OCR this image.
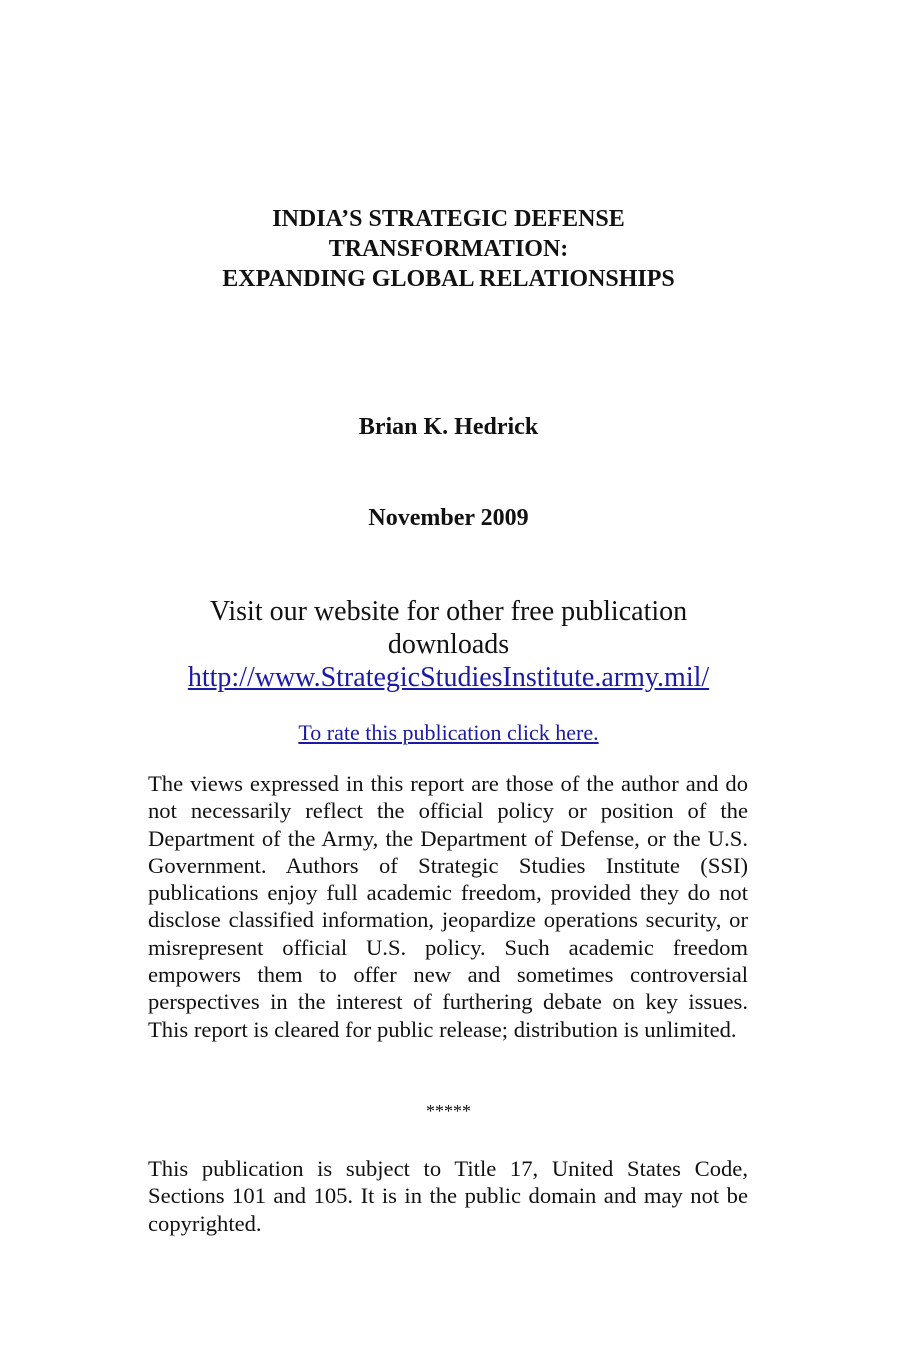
INDIA’S STRATEGIC DEFENSE
TRANSFORMATION:
EXPANDING GLOBAL RELATIONSHIPS
Brian K. Hedrick
November 2009
Visit our website for other free publication
downloads
http://www.StrategicStudiesInstitute.army.mil/
To rate this publication click here.

The views expressed in this report are those of the author and do not necessarily reflect the official policy or position of the Department of the Army, the Department of Defense, or the U.S. Government. Authors of Strategic Studies Institute (SSI) publications enjoy full academic freedom, provided they do not disclose classified information, jeopardize operations security, or misrepresent official U.S. policy. Such academic freedom empowers them to offer new and sometimes controversial perspectives in the interest of furthering debate on key issues. This report is cleared for public release; distribution is unlimited.

*****

This publication is subject to Title 17, United States Code, Sections 101 and 105. It is in the public domain and may not be copyrighted.
